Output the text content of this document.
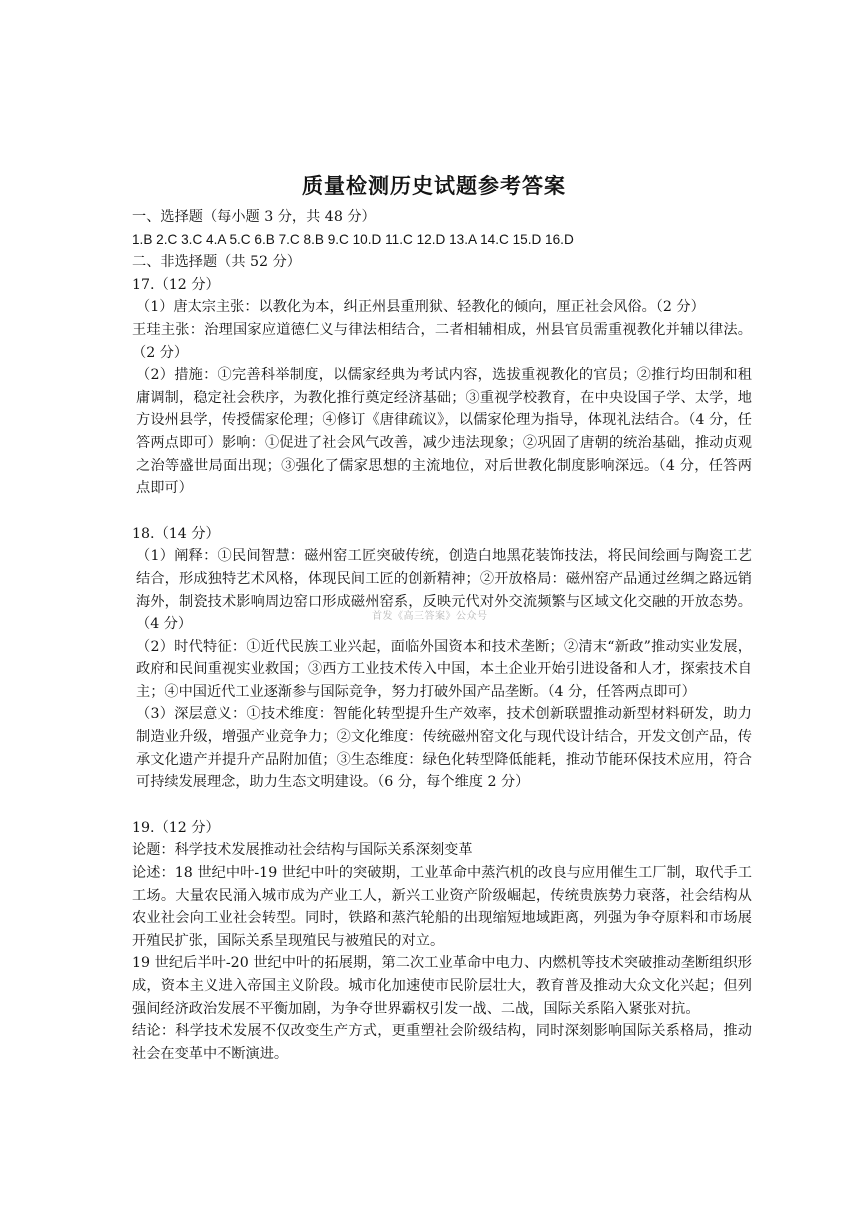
质量检测历史试题参考答案

一、选择题（每小题 3 分，共 48 分）

1.B 2.C 3.C 4.A 5.C 6.B 7.C 8.B 9.C 10.D 11.C 12.D 13.A 14.C 15.D 16.D

二、非选择题（共 52 分）

17.（12 分）

（1）唐太宗主张：以教化为本，纠正州县重刑狱、轻教化的倾向，厘正社会风俗。（2 分）

王珪主张：治理国家应道德仁义与律法相结合，二者相辅相成，州县官员需重视教化并辅以律法。（2 分）

（2）措施：①完善科举制度，以儒家经典为考试内容，选拔重视教化的官员；②推行均田制和租庸调制，稳定社会秩序，为教化推行奠定经济基础；③重视学校教育，在中央设国子学、太学，地方设州县学，传授儒家伦理；④修订《唐律疏议》，以儒家伦理为指导，体现礼法结合。（4 分，任答两点即可）影响：①促进了社会风气改善，减少违法现象；②巩固了唐朝的统治基础，推动贞观之治等盛世局面出现；③强化了儒家思想的主流地位，对后世教化制度影响深远。（4 分，任答两点即可）

18.（14 分）

（1）阐释：①民间智慧：磁州窑工匠突破传统，创造白地黑花装饰技法，将民间绘画与陶瓷工艺结合，形成独特艺术风格，体现民间工匠的创新精神；②开放格局：磁州窑产品通过丝绸之路远销海外，制瓷技术影响周边窑口形成磁州窑系，反映元代对外交流频繁与区域文化交融的开放态势。（4 分）

（2）时代特征：①近代民族工业兴起，面临外国资本和技术垄断；②清末“新政”推动实业发展，政府和民间重视实业救国；③西方工业技术传入中国，本土企业开始引进设备和人才，探索技术自主；④中国近代工业逐渐参与国际竞争，努力打破外国产品垄断。（4 分，任答两点即可）

（3）深层意义：①技术维度：智能化转型提升生产效率，技术创新联盟推动新型材料研发，助力制造业升级，增强产业竞争力；②文化维度：传统磁州窑文化与现代设计结合，开发文创产品，传承文化遗产并提升产品附加值；③生态维度：绿色化转型降低能耗，推动节能环保技术应用，符合可持续发展理念，助力生态文明建设。（6 分，每个维度 2 分）

19.（12 分）

论题：科学技术发展推动社会结构与国际关系深刻变革

论述：18 世纪中叶-19 世纪中叶的突破期，工业革命中蒸汽机的改良与应用催生工厂制，取代手工工场。大量农民涌入城市成为产业工人，新兴工业资产阶级崛起，传统贵族势力衰落，社会结构从农业社会向工业社会转型。同时，铁路和蒸汽轮船的出现缩短地域距离，列强为争夺原料和市场展开殖民扩张，国际关系呈现殖民与被殖民的对立。

19 世纪后半叶-20 世纪中叶的拓展期，第二次工业革命中电力、内燃机等技术突破推动垄断组织形成，资本主义进入帝国主义阶段。城市化加速使市民阶层壮大，教育普及推动大众文化兴起；但列强间经济政治发展不平衡加剧，为争夺世界霸权引发一战、二战，国际关系陷入紧张对抗。

结论：科学技术发展不仅改变生产方式，更重塑社会阶级结构，同时深刻影响国际关系格局，推动社会在变革中不断演进。

首发《高三答案》公众号
